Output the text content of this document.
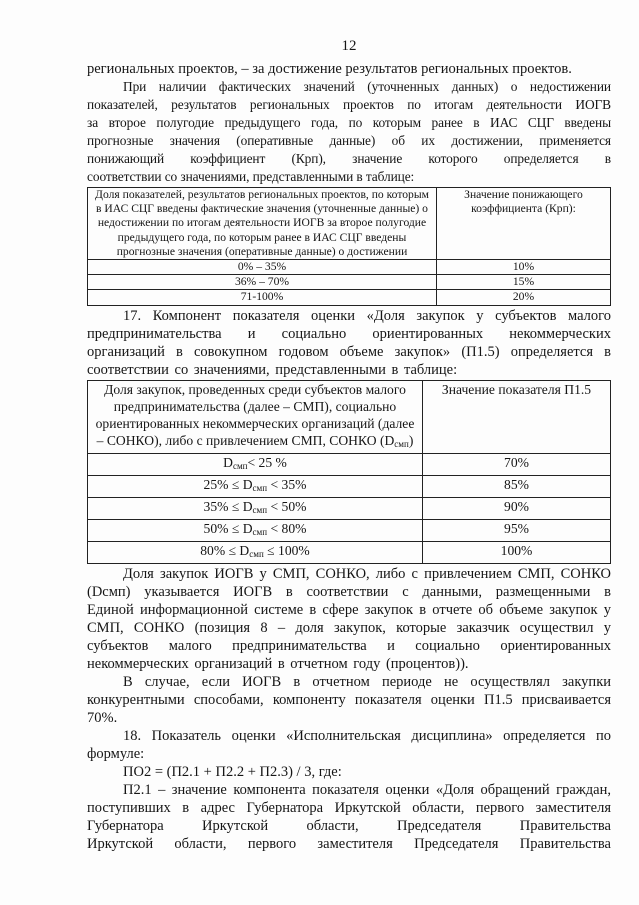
12

региональных проектов, – за достижение результатов региональных проектов.

При наличии фактических значений (уточненных данных) о недостижении
показателей, результатов региональных проектов по итогам деятельности ИОГВ
за второе полугодие предыдущего года, по которым ранее в ИАС СЦГ введены
прогнозные значения (оперативные данные) об их достижении, применяется
понижающий коэффициент (Крп), значение которого определяется в
соответствии со значениями, представленными в таблице:

Доля показателей, результатов региональных проектов, по которым в ИАС СЦГ введены фактические значения (уточненные данные) о недостижении по итогам деятельности ИОГВ за второе полугодие предыдущего года, по которым ранее в ИАС СЦГ введены прогнозные значения (оперативные данные) о достижении	Значение понижающего коэффициента (Крп):
0% – 35%	10%
36% – 70%	15%
71-100%	20%

17. Компонент показателя оценки «Доля закупок у субъектов малого
предпринимательства и социально ориентированных некоммерческих
организаций в совокупном годовом объеме закупок» (П1.5) определяется в
соответствии со значениями, представленными в таблице:

Доля закупок, проведенных среди субъектов малого предпринимательства (далее – СМП), социально ориентированных некоммерческих организаций (далее – СОНКО), либо с привлечением СМП, СОНКО $(D_{смп})$	Значение показателя П1.5
$D_{смп}< 25$ %	70%
$25\% \le D_{смп} < 35\%$	85%
$35\% \le D_{смп} < 50\%$	90%
$50\% \le D_{смп} < 80\%$	95%
$80\% \le D_{смп} \le 100\%$	100%

Доля закупок ИОГВ у СМП, СОНКО, либо с привлечением СМП, СОНКО
(Dсмп) указывается ИОГВ в соответствии с данными, размещенными в
Единой информационной системе в сфере закупок в отчете об объеме закупок у
СМП, СОНКО (позиция 8 – доля закупок, которые заказчик осуществил у
субъектов малого предпринимательства и социально ориентированных
некоммерческих организаций в отчетном году (процентов)).

В случае, если ИОГВ в отчетном периоде не осуществлял закупки
конкурентными способами, компоненту показателя оценки П1.5 присваивается
70%.

18. Показатель оценки «Исполнительская дисциплина» определяется по
формуле:

ПО2 = (П2.1 + П2.2 + П2.3) / 3, где:

П2.1 – значение компонента показателя оценки «Доля обращений граждан,
поступивших в адрес Губернатора Иркутской области, первого заместителя
Губернатора Иркутской области, Председателя Правительства
Иркутской области, первого заместителя Председателя Правительства
